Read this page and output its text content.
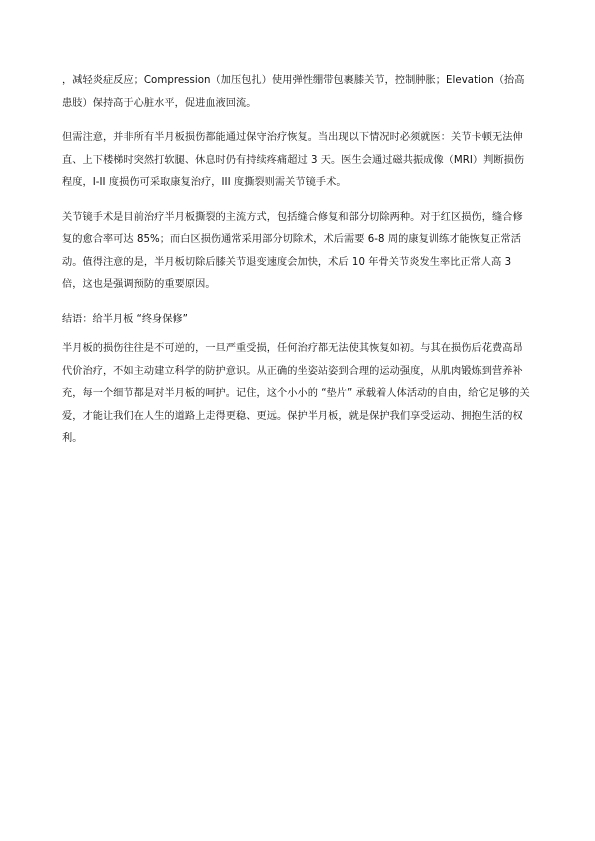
，减轻炎症反应；Compression（加压包扎）使用弹性绷带包裹膝关节，控制肿胀；Elevation（抬高患肢）保持高于心脏水平，促进血液回流。

但需注意，并非所有半月板损伤都能通过保守治疗恢复。当出现以下情况时必须就医：关节卡顿无法伸直、上下楼梯时突然打软腿、休息时仍有持续疼痛超过 3 天。医生会通过磁共振成像（MRI）判断损伤程度，I-II 度损伤可采取康复治疗，III 度撕裂则需关节镜手术。

关节镜手术是目前治疗半月板撕裂的主流方式，包括缝合修复和部分切除两种。对于红区损伤，缝合修复的愈合率可达 85%；而白区损伤通常采用部分切除术，术后需要 6-8 周的康复训练才能恢复正常活动。值得注意的是，半月板切除后膝关节退变速度会加快，术后 10 年骨关节炎发生率比正常人高 3 倍，这也是强调预防的重要原因。

结语：给半月板 “终身保修”

半月板的损伤往往是不可逆的，一旦严重受损，任何治疗都无法使其恢复如初。与其在损伤后花费高昂代价治疗，不如主动建立科学的防护意识。从正确的坐姿站姿到合理的运动强度，从肌肉锻炼到营养补充，每一个细节都是对半月板的呵护。记住，这个小小的 “垫片” 承载着人体活动的自由，给它足够的关爱，才能让我们在人生的道路上走得更稳、更远。保护半月板，就是保护我们享受运动、拥抱生活的权利。
